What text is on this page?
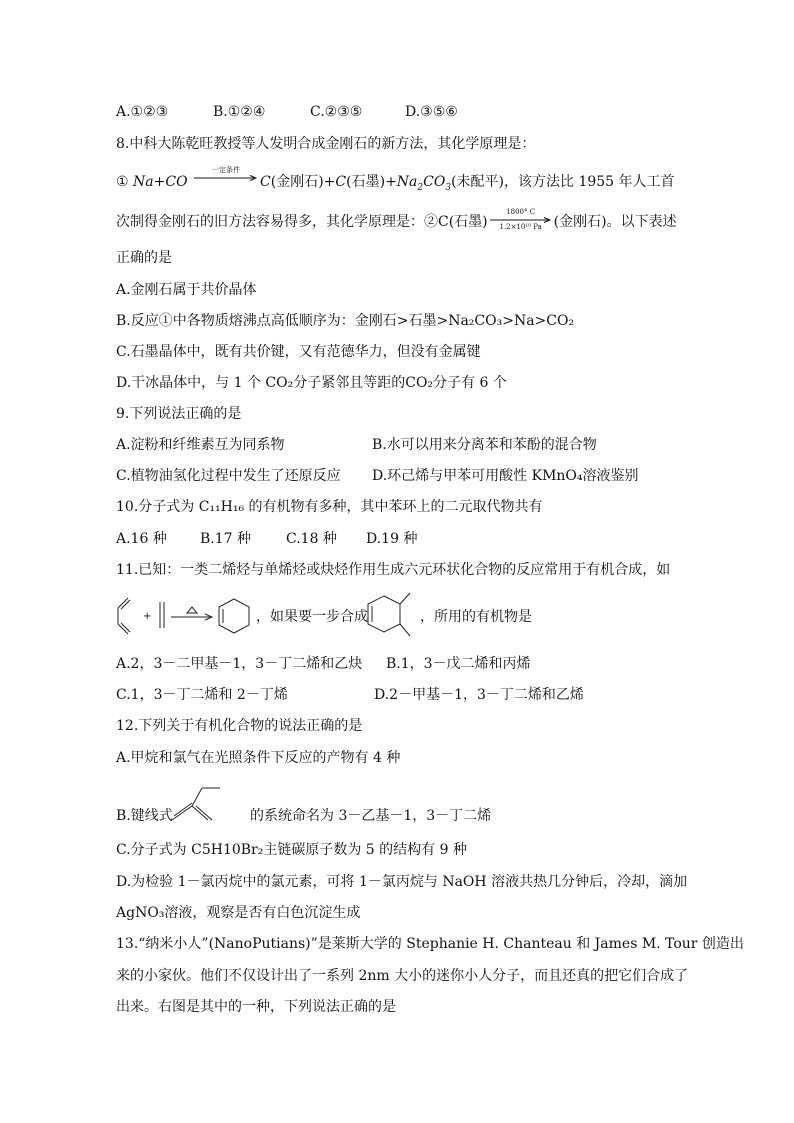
A.①②③	B.①②④	C.②③⑤	D.③⑤⑥
8.中科大陈乾旺教授等人发明合成金刚石的新方法，其化学原理是：
① Na+CO
一定条件
C(金刚石)+C(石墨)$+Na_2CO_3$(未配平)，该方法比 1955 年人工首
次制得金刚石的旧方法容易得多，其化学原理是：②C(石墨)
1800° C
1.2×10¹⁰ Pa (金刚石)。以下表述
正确的是
A.金刚石属于共价晶体
B.反应①中各物质熔沸点高低顺序为：金刚石>石墨>Na₂CO₃>Na>CO₂
C.石墨晶体中，既有共价键，又有范德华力，但没有金属键
D.干冰晶体中，与 1 个 CO₂分子紧邻且等距的CO₂分子有 6 个
9.下列说法正确的是
A.淀粉和纤维素互为同系物	B.水可以用来分离苯和苯酚的混合物
C.植物油氢化过程中发生了还原反应 D.环己烯与甲苯可用酸性 KMnO₄溶液鉴别
10.分子式为 C₁₁H₁₆ 的有机物有多种，其中苯环上的二元取代物共有
A.16 种 B.17 种 C.18 种 D.19 种
11.已知：一类二烯烃与单烯烃或炔烃作用生成六元环状化合物的反应常用于有机合成，如
+	，如果要一步合成	，所用的有机物是
A.2，3－二甲基－1，3－丁二烯和乙炔 B.1，3－戊二烯和丙烯
C.1，3－丁二烯和 2－丁烯	D.2－甲基－1，3－丁二烯和乙烯
12.下列关于有机化合物的说法正确的是
A.甲烷和氯气在光照条件下反应的产物有 4 种
B.键线式	的系统命名为 3－乙基－1，3－丁二烯
C.分子式为 C5H10Br₂主链碳原子数为 5 的结构有 9 种
D.为检验 1－氯丙烷中的氯元素，可将 1－氯丙烷与 NaOH 溶液共热几分钟后，冷却，滴加
AgNO₃溶液，观察是否有白色沉淀生成
13.“纳米小人”(NanoPutians)”是莱斯大学的 Stephanie H. Chanteau 和 James M. Tour 创造出
来的小家伙。他们不仅设计出了一系列 2nm 大小的迷你小人分子，而且还真的把它们合成了
出来。右图是其中的一种，下列说法正确的是
